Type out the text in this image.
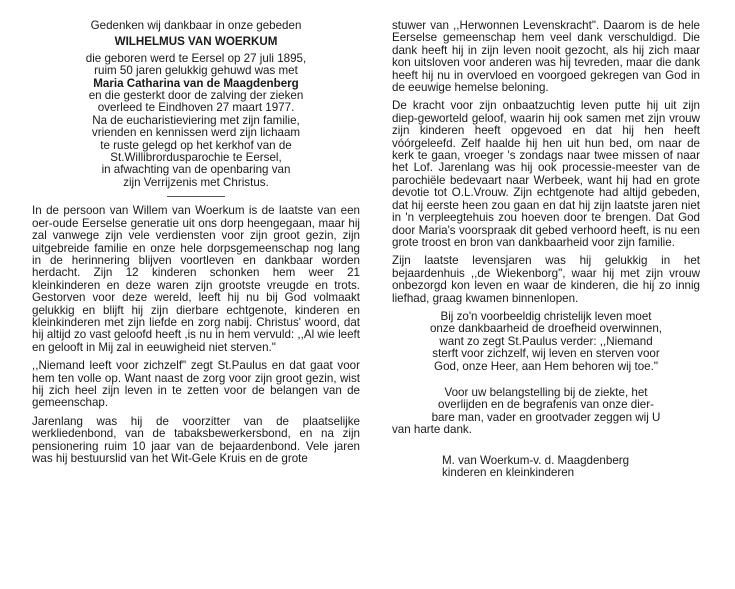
Gedenken wij dankbaar in onze gebeden
WILHELMUS VAN WOERKUM
die geboren werd te Eersel op 27 juli 1895,
ruim 50 jaren gelukkig gehuwd was met
Maria Catharina van de Maagdenberg
en die gesterkt door de zalving der zieken
overleed te Eindhoven 27 maart 1977.
Na de eucharistieviering met zijn familie,
vrienden en kennissen werd zijn lichaam
te ruste gelegd op het kerkhof van de
St.Willibrordusparochie te Eersel,
in afwachting van de openbaring van
zijn Verrijzenis met Christus.

In de persoon van Willem van Woerkum is de laatste van een oer-oude Eerselse generatie uit ons dorp heengegaan, maar hij zal vanwege zijn vele verdiensten voor zijn groot gezin, zijn uitgebreide familie en onze hele dorpsgemeenschap nog lang in de herinnering blijven voortleven en dankbaar worden herdacht. Zijn 12 kinderen schonken hem weer 21 kleinkinderen en deze waren zijn grootste vreugde en trots. Gestorven voor deze wereld, leeft hij nu bij God volmaakt gelukkig en blijft hij zijn dierbare echtgenote, kinderen en kleinkinderen met zijn liefde en zorg nabij. Christus' woord, dat hij altijd zo vast geloofd heeft ,is nu in hem vervuld: ,,Al wie leeft en gelooft in Mij zal in eeuwigheid niet sterven."

,,Niemand leeft voor zichzelf" zegt St.Paulus en dat gaat voor hem ten volle op. Want naast de zorg voor zijn groot gezin, wist hij zich heel zijn leven in te zetten voor de belangen van de gemeenschap.

Jarenlang was hij de voorzitter van de plaatselijke werkliedenbond, van de tabaksbewerkersbond, en na zijn pensionering ruim 10 jaar van de bejaardenbond. Vele jaren was hij bestuurslid van het Wit-Gele Kruis en de grote

stuwer van ,,Herwonnen Levenskracht". Daarom is de hele Eerselse gemeenschap hem veel dank verschuldigd. Die dank heeft hij in zijn leven nooit gezocht, als hij zich maar kon uitsloven voor anderen was hij tevreden, maar die dank heeft hij nu in overvloed en voorgoed gekregen van God in de eeuwige hemelse beloning.

De kracht voor zijn onbaatzuchtig leven putte hij uit zijn diep-geworteld geloof, waarin hij ook samen met zijn vrouw zijn kinderen heeft opgevoed en dat hij hen heeft vóórgeleefd. Zelf haalde hij hen uit hun bed, om naar de kerk te gaan, vroeger 's zondags naar twee missen of naar het Lof. Jarenlang was hij ook processie-meester van de parochiële bedevaart naar Werbeek, want hij had en grote devotie tot O.L.Vrouw. Zijn echtgenote had altijd gebeden, dat hij eerste heen zou gaan en dat hij zijn laatste jaren niet in 'n verpleegtehuis zou hoeven door te brengen. Dat God door Maria's voorspraak dit gebed verhoord heeft, is nu een grote troost en bron van dankbaarheid voor zijn familie.

Zijn laatste levensjaren was hij gelukkig in het bejaardenhuis ,,de Wiekenborg", waar hij met zijn vrouw onbezorgd kon leven en waar de kinderen, die hij zo innig liefhad, graag kwamen binnenlopen.

Bij zo'n voorbeeldig christelijk leven moet
onze dankbaarheid de droefheid overwinnen,
want zo zegt St.Paulus verder: ,,Niemand
sterft voor zichzelf, wij leven en sterven voor
God, onze Heer, aan Hem behoren wij toe."
Voor uw belangstelling bij de ziekte, het
overlijden en de begrafenis van onze dier-
bare man, vader en grootvader zeggen wij U
van harte dank.
M. van Woerkum-v. d. Maagdenberg
kinderen en kleinkinderen
